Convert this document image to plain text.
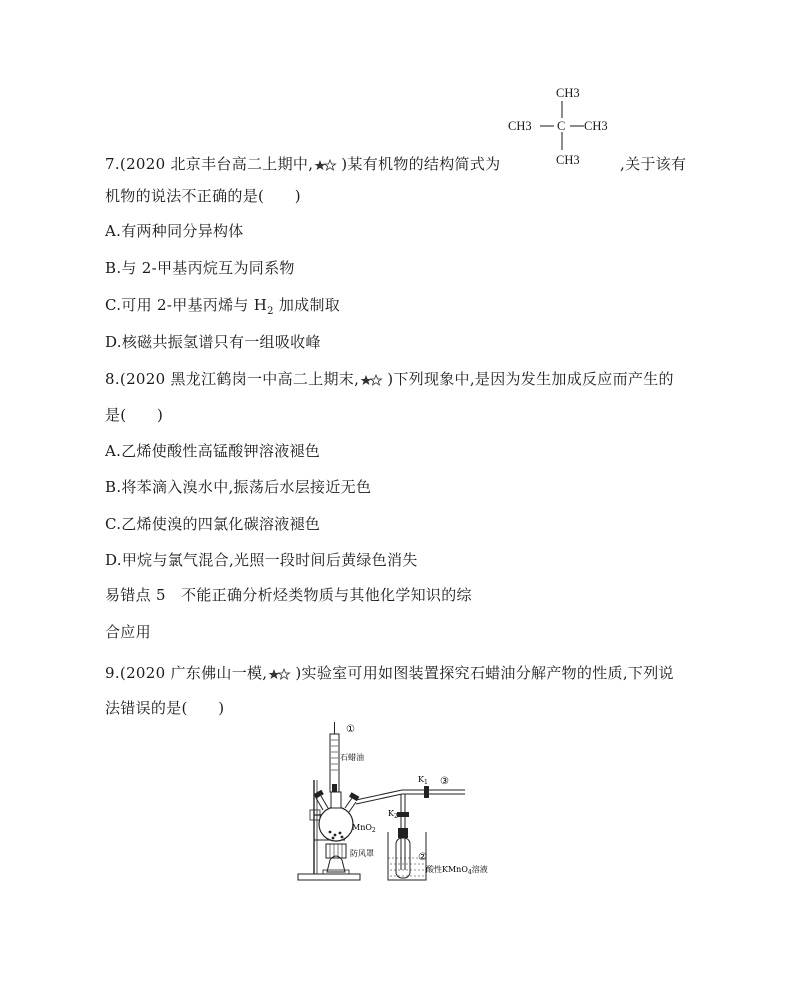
CH3
CH3 C CH3
CH3
7.(2020 北京丰台高二上期中, )某有机物的结构简式为	,关于该有
机物的说法不正确的是(　　)
A.有两种同分异构体
B.与 2-甲基丙烷互为同系物
C.可用 2-甲基丙烯与 $H_2$ 加成制取
D.核磁共振氢谱只有一组吸收峰
8.(2020 黑龙江鹤岗一中高二上期末, )下列现象中,是因为发生加成反应而产生的
是(　　)
A.乙烯使酸性高锰酸钾溶液褪色
B.将苯滴入溴水中,振荡后水层接近无色
C.乙烯使溴的四氯化碳溶液褪色
D.甲烷与氯气混合,光照一段时间后黄绿色消失
易错点 5　不能正确分析烃类物质与其他化学知识的综
合应用
9.(2020 广东佛山一模, )实验室可用如图装置探究石蜡油分解产物的性质,下列说
法错误的是(　　)
①
石蜡油
$K_1$ ③
$K_2$
MnO$_2$
防风罩	②
酸性KMnO$_4$溶液
